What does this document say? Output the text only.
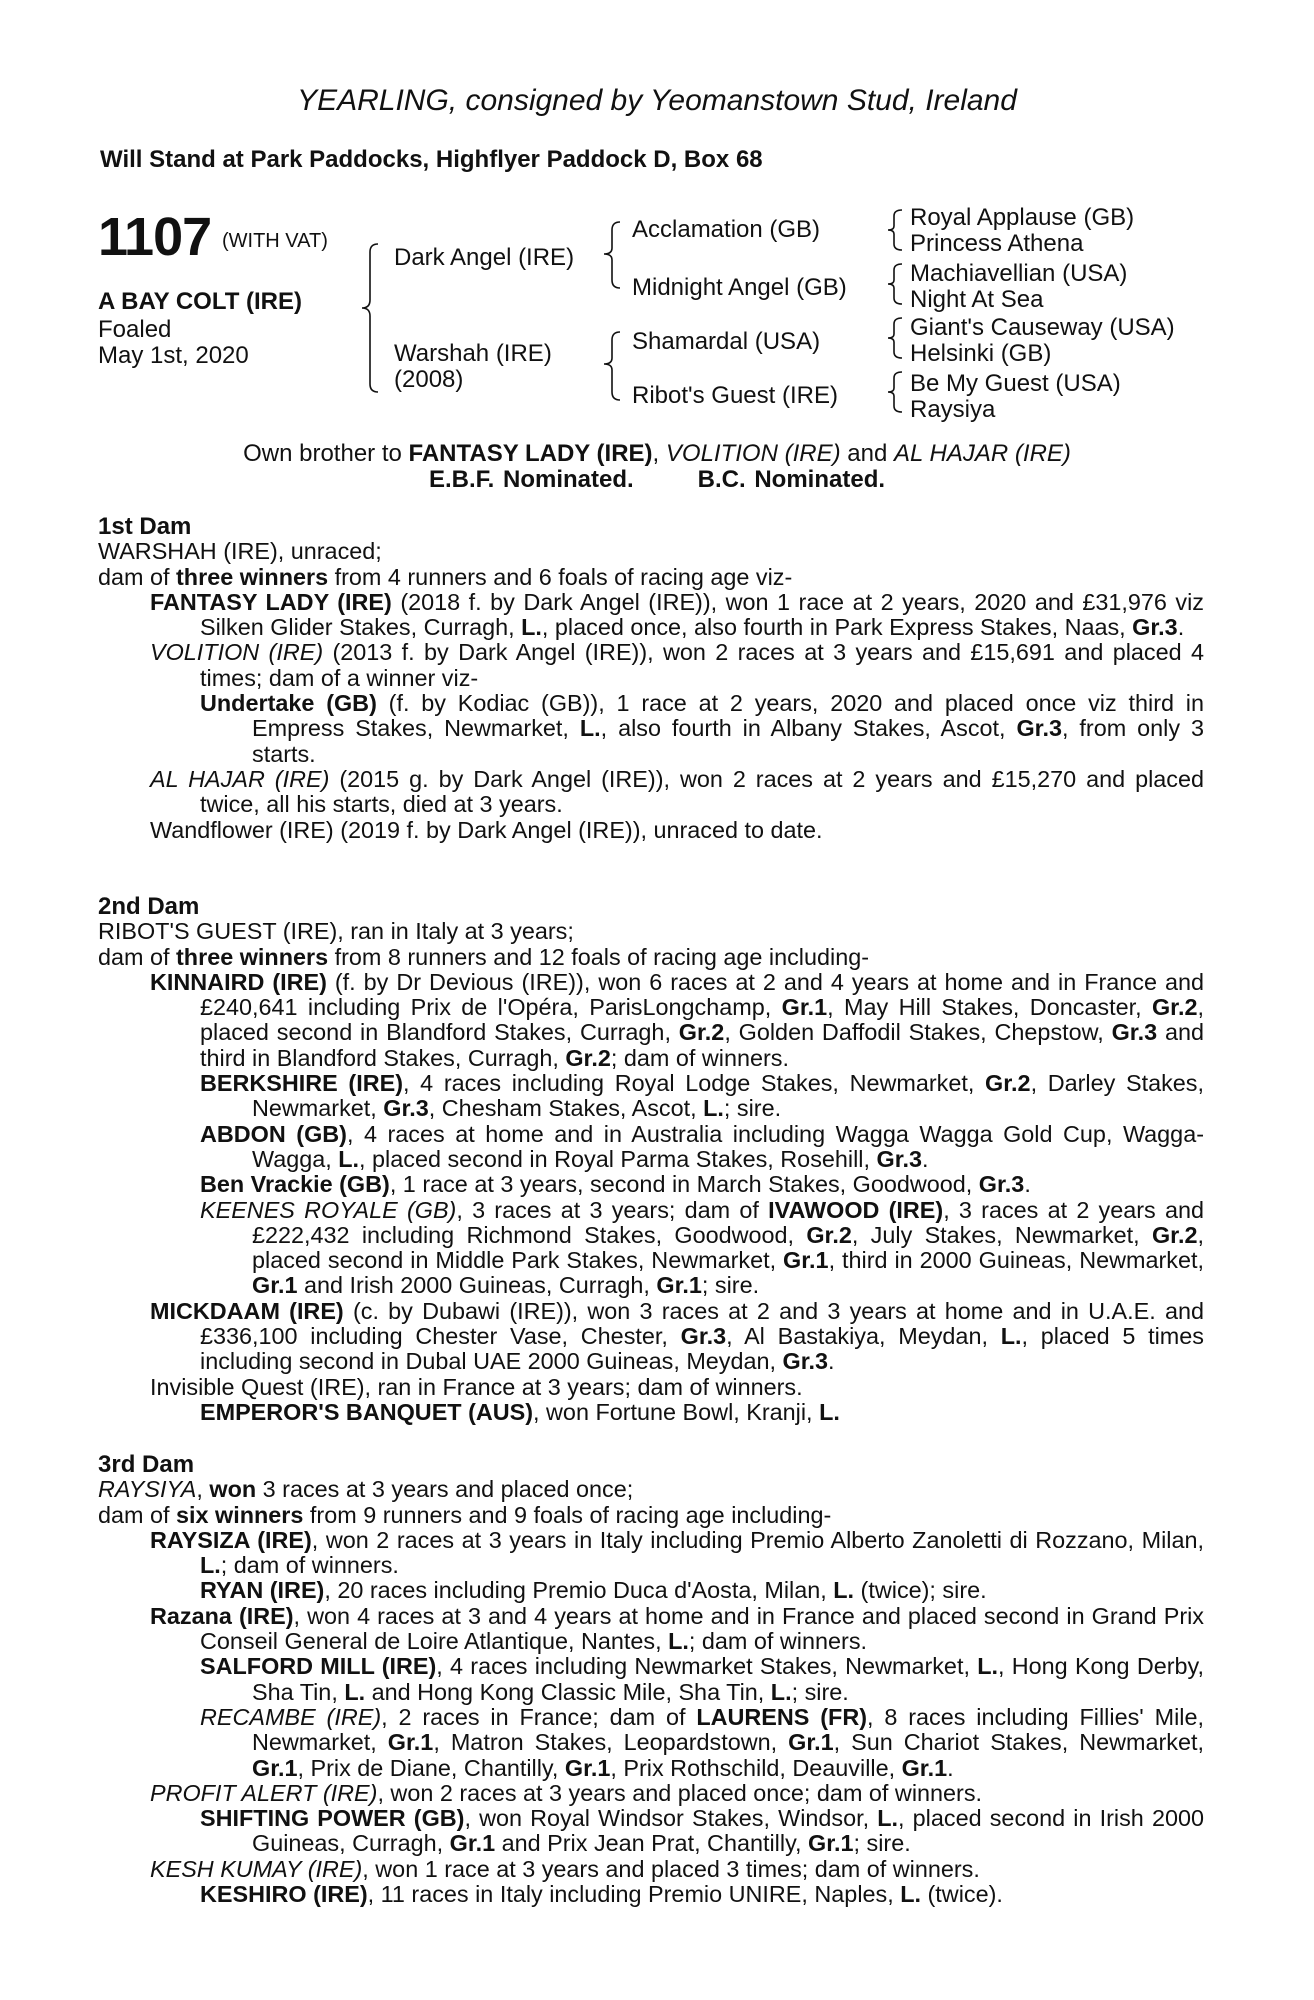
YEARLING, consigned by Yeomanstown Stud, Ireland
Will Stand at Park Paddocks, Highflyer Paddock D, Box 68
1107 (WITH VAT)
A BAY COLT (IRE)
Foaled
May 1st, 2020
Dark Angel (IRE)
Warshah (IRE)
(2008)
Acclamation (GB)
Midnight Angel (GB)
Shamardal (USA)
Ribot's Guest (IRE)
Royal Applause (GB)
Princess Athena
Machiavellian (USA)
Night At Sea
Giant's Causeway (USA)
Helsinki (GB)
Be My Guest (USA)
Raysiya
Own brother to FANTASY LADY (IRE), VOLITION (IRE) and AL HAJAR (IRE)
E.B.F. Nominated.	B.C. Nominated.
1st Dam

WARSHAH (IRE), unraced;

dam of three winners from 4 runners and 6 foals of racing age viz-

FANTASY LADY (IRE) (2018 f. by Dark Angel (IRE)), won 1 race at 2 years, 2020 and £31,976 viz Silken Glider Stakes, Curragh, L., placed once, also fourth in Park Express Stakes, Naas, Gr.3.

VOLITION (IRE) (2013 f. by Dark Angel (IRE)), won 2 races at 3 years and £15,691 and placed 4 times; dam of a winner viz-

Undertake (GB) (f. by Kodiac (GB)), 1 race at 2 years, 2020 and placed once viz third in Empress Stakes, Newmarket, L., also fourth in Albany Stakes, Ascot, Gr.3, from only 3 starts.

AL HAJAR (IRE) (2015 g. by Dark Angel (IRE)), won 2 races at 2 years and £15,270 and placed twice, all his starts, died at 3 years.

Wandflower (IRE) (2019 f. by Dark Angel (IRE)), unraced to date.

2nd Dam

RIBOT'S GUEST (IRE), ran in Italy at 3 years;

dam of three winners from 8 runners and 12 foals of racing age including-

KINNAIRD (IRE) (f. by Dr Devious (IRE)), won 6 races at 2 and 4 years at home and in France and £240,641 including Prix de l'Opéra, ParisLongchamp, Gr.1, May Hill Stakes, Doncaster, Gr.2, placed second in Blandford Stakes, Curragh, Gr.2, Golden Daffodil Stakes, Chepstow, Gr.3 and third in Blandford Stakes, Curragh, Gr.2; dam of winners.

BERKSHIRE (IRE), 4 races including Royal Lodge Stakes, Newmarket, Gr.2, Darley Stakes, Newmarket, Gr.3, Chesham Stakes, Ascot, L.; sire.

ABDON (GB), 4 races at home and in Australia including Wagga Wagga Gold Cup, Wagga-Wagga, L., placed second in Royal Parma Stakes, Rosehill, Gr.3.

Ben Vrackie (GB), 1 race at 3 years, second in March Stakes, Goodwood, Gr.3.

KEENES ROYALE (GB), 3 races at 3 years; dam of IVAWOOD (IRE), 3 races at 2 years and £222,432 including Richmond Stakes, Goodwood, Gr.2, July Stakes, Newmarket, Gr.2, placed second in Middle Park Stakes, Newmarket, Gr.1, third in 2000 Guineas, Newmarket, Gr.1 and Irish 2000 Guineas, Curragh, Gr.1; sire.

MICKDAAM (IRE) (c. by Dubawi (IRE)), won 3 races at 2 and 3 years at home and in U.A.E. and £336,100 including Chester Vase, Chester, Gr.3, Al Bastakiya, Meydan, L., placed 5 times including second in Dubal UAE 2000 Guineas, Meydan, Gr.3.

Invisible Quest (IRE), ran in France at 3 years; dam of winners.

EMPEROR'S BANQUET (AUS), won Fortune Bowl, Kranji, L.

3rd Dam

RAYSIYA, won 3 races at 3 years and placed once;

dam of six winners from 9 runners and 9 foals of racing age including-

RAYSIZA (IRE), won 2 races at 3 years in Italy including Premio Alberto Zanoletti di Rozzano, Milan, L.; dam of winners.

RYAN (IRE), 20 races including Premio Duca d'Aosta, Milan, L. (twice); sire.

Razana (IRE), won 4 races at 3 and 4 years at home and in France and placed second in Grand Prix Conseil General de Loire Atlantique, Nantes, L.; dam of winners.

SALFORD MILL (IRE), 4 races including Newmarket Stakes, Newmarket, L., Hong Kong Derby, Sha Tin, L. and Hong Kong Classic Mile, Sha Tin, L.; sire.

RECAMBE (IRE), 2 races in France; dam of LAURENS (FR), 8 races including Fillies' Mile, Newmarket, Gr.1, Matron Stakes, Leopardstown, Gr.1, Sun Chariot Stakes, Newmarket, Gr.1, Prix de Diane, Chantilly, Gr.1, Prix Rothschild, Deauville, Gr.1.

PROFIT ALERT (IRE), won 2 races at 3 years and placed once; dam of winners.

SHIFTING POWER (GB), won Royal Windsor Stakes, Windsor, L., placed second in Irish 2000 Guineas, Curragh, Gr.1 and Prix Jean Prat, Chantilly, Gr.1; sire.

KESH KUMAY (IRE), won 1 race at 3 years and placed 3 times; dam of winners.

KESHIRO (IRE), 11 races in Italy including Premio UNIRE, Naples, L. (twice).
